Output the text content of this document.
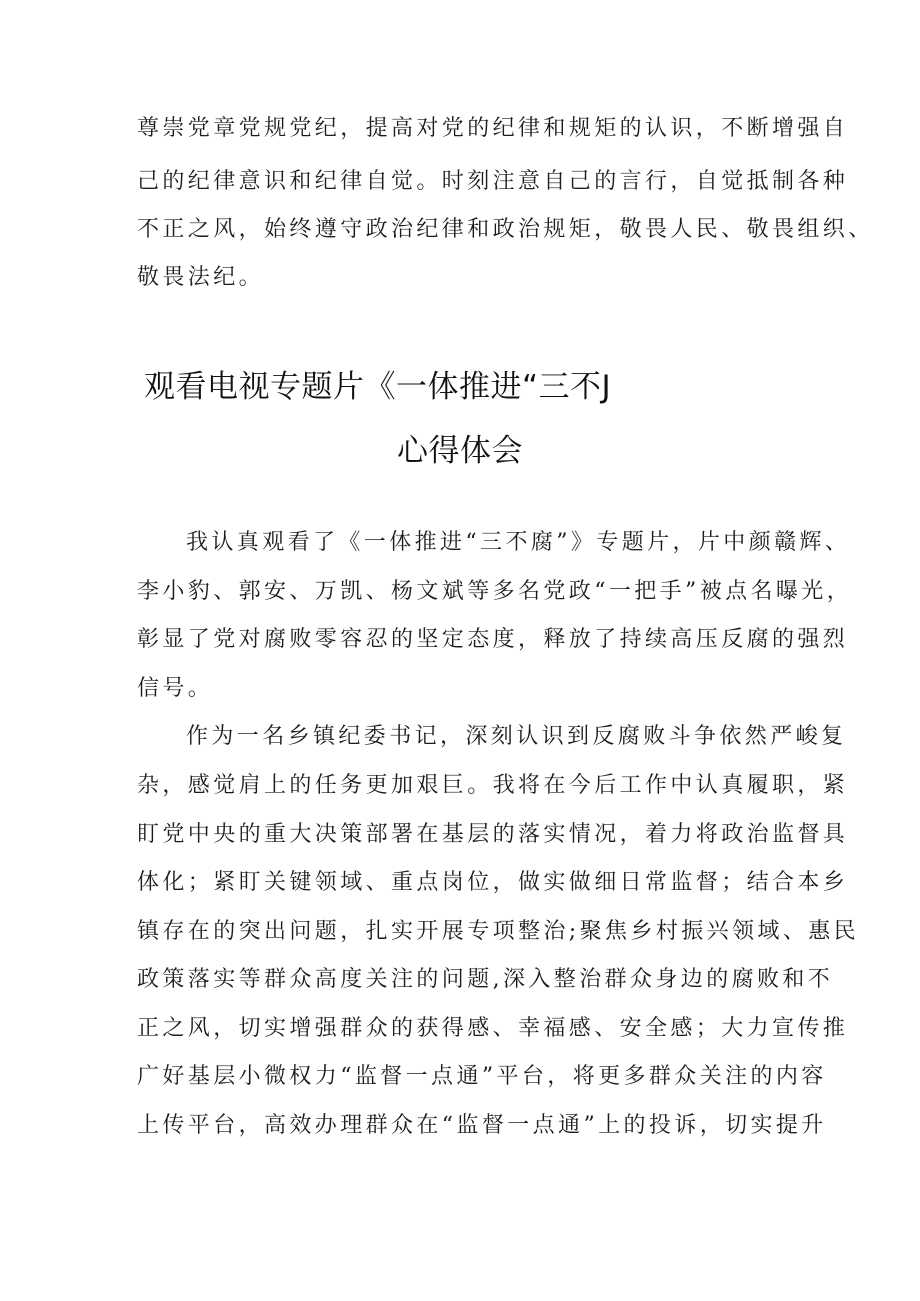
尊崇党章党规党纪，提高对党的纪律和规矩的认识，不断增强自
己的纪律意识和纪律自觉。时刻注意自己的言行，自觉抵制各种
不正之风，始终遵守政治纪律和政治规矩，敬畏人民、敬畏组织、
敬畏法纪。
观看电视专题片《一体推进“三不J
心得体会
我认真观看了《一体推进“三不腐”》专题片，片中颜赣辉、
李小豹、郭安、万凯、杨文斌等多名党政“一把手”被点名曝光，
彰显了党对腐败零容忍的坚定态度，释放了持续高压反腐的强烈
信号。
作为一名乡镇纪委书记，深刻认识到反腐败斗争依然严峻复
杂，感觉肩上的任务更加艰巨。我将在今后工作中认真履职，紧
盯党中央的重大决策部署在基层的落实情况，着力将政治监督具
体化；紧盯关键领域、重点岗位，做实做细日常监督；结合本乡
镇存在的突出问题，扎实开展专项整治;聚焦乡村振兴领域、惠民
政策落实等群众高度关注的问题,深入整治群众身边的腐败和不
正之风，切实增强群众的获得感、幸福感、安全感；大力宣传推
广好基层小微权力“监督一点通”平台，将更多群众关注的内容
上传平台，高效办理群众在“监督一点通”上的投诉，切实提升
